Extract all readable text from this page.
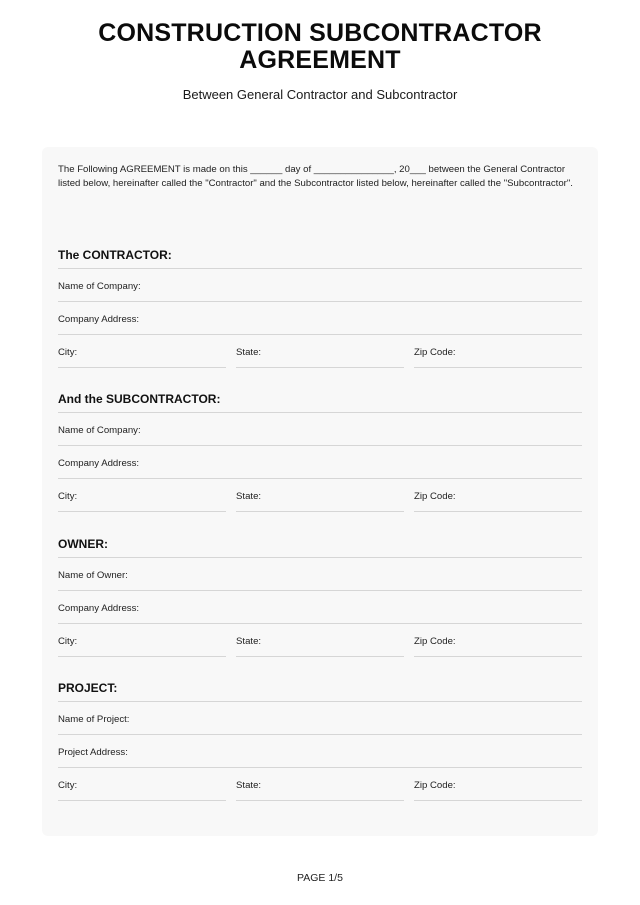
CONSTRUCTION SUBCONTRACTOR
AGREEMENT
Between General Contractor and Subcontractor
The Following AGREEMENT is made on this ______ day of _______________, 20___ between the General Contractor listed below, hereinafter called the "Contractor" and the Subcontractor listed below, hereinafter called the "Subcontractor".
The CONTRACTOR:
Name of Company:
Company Address:
City:	State:	Zip Code:
And the SUBCONTRACTOR:
Name of Company:
Company Address:
City:	State:	Zip Code:
OWNER:
Name of Owner:
Company Address:
City:	State:	Zip Code:
PROJECT:
Name of Project:
Project Address:
City:	State:	Zip Code:
PAGE 1/5
